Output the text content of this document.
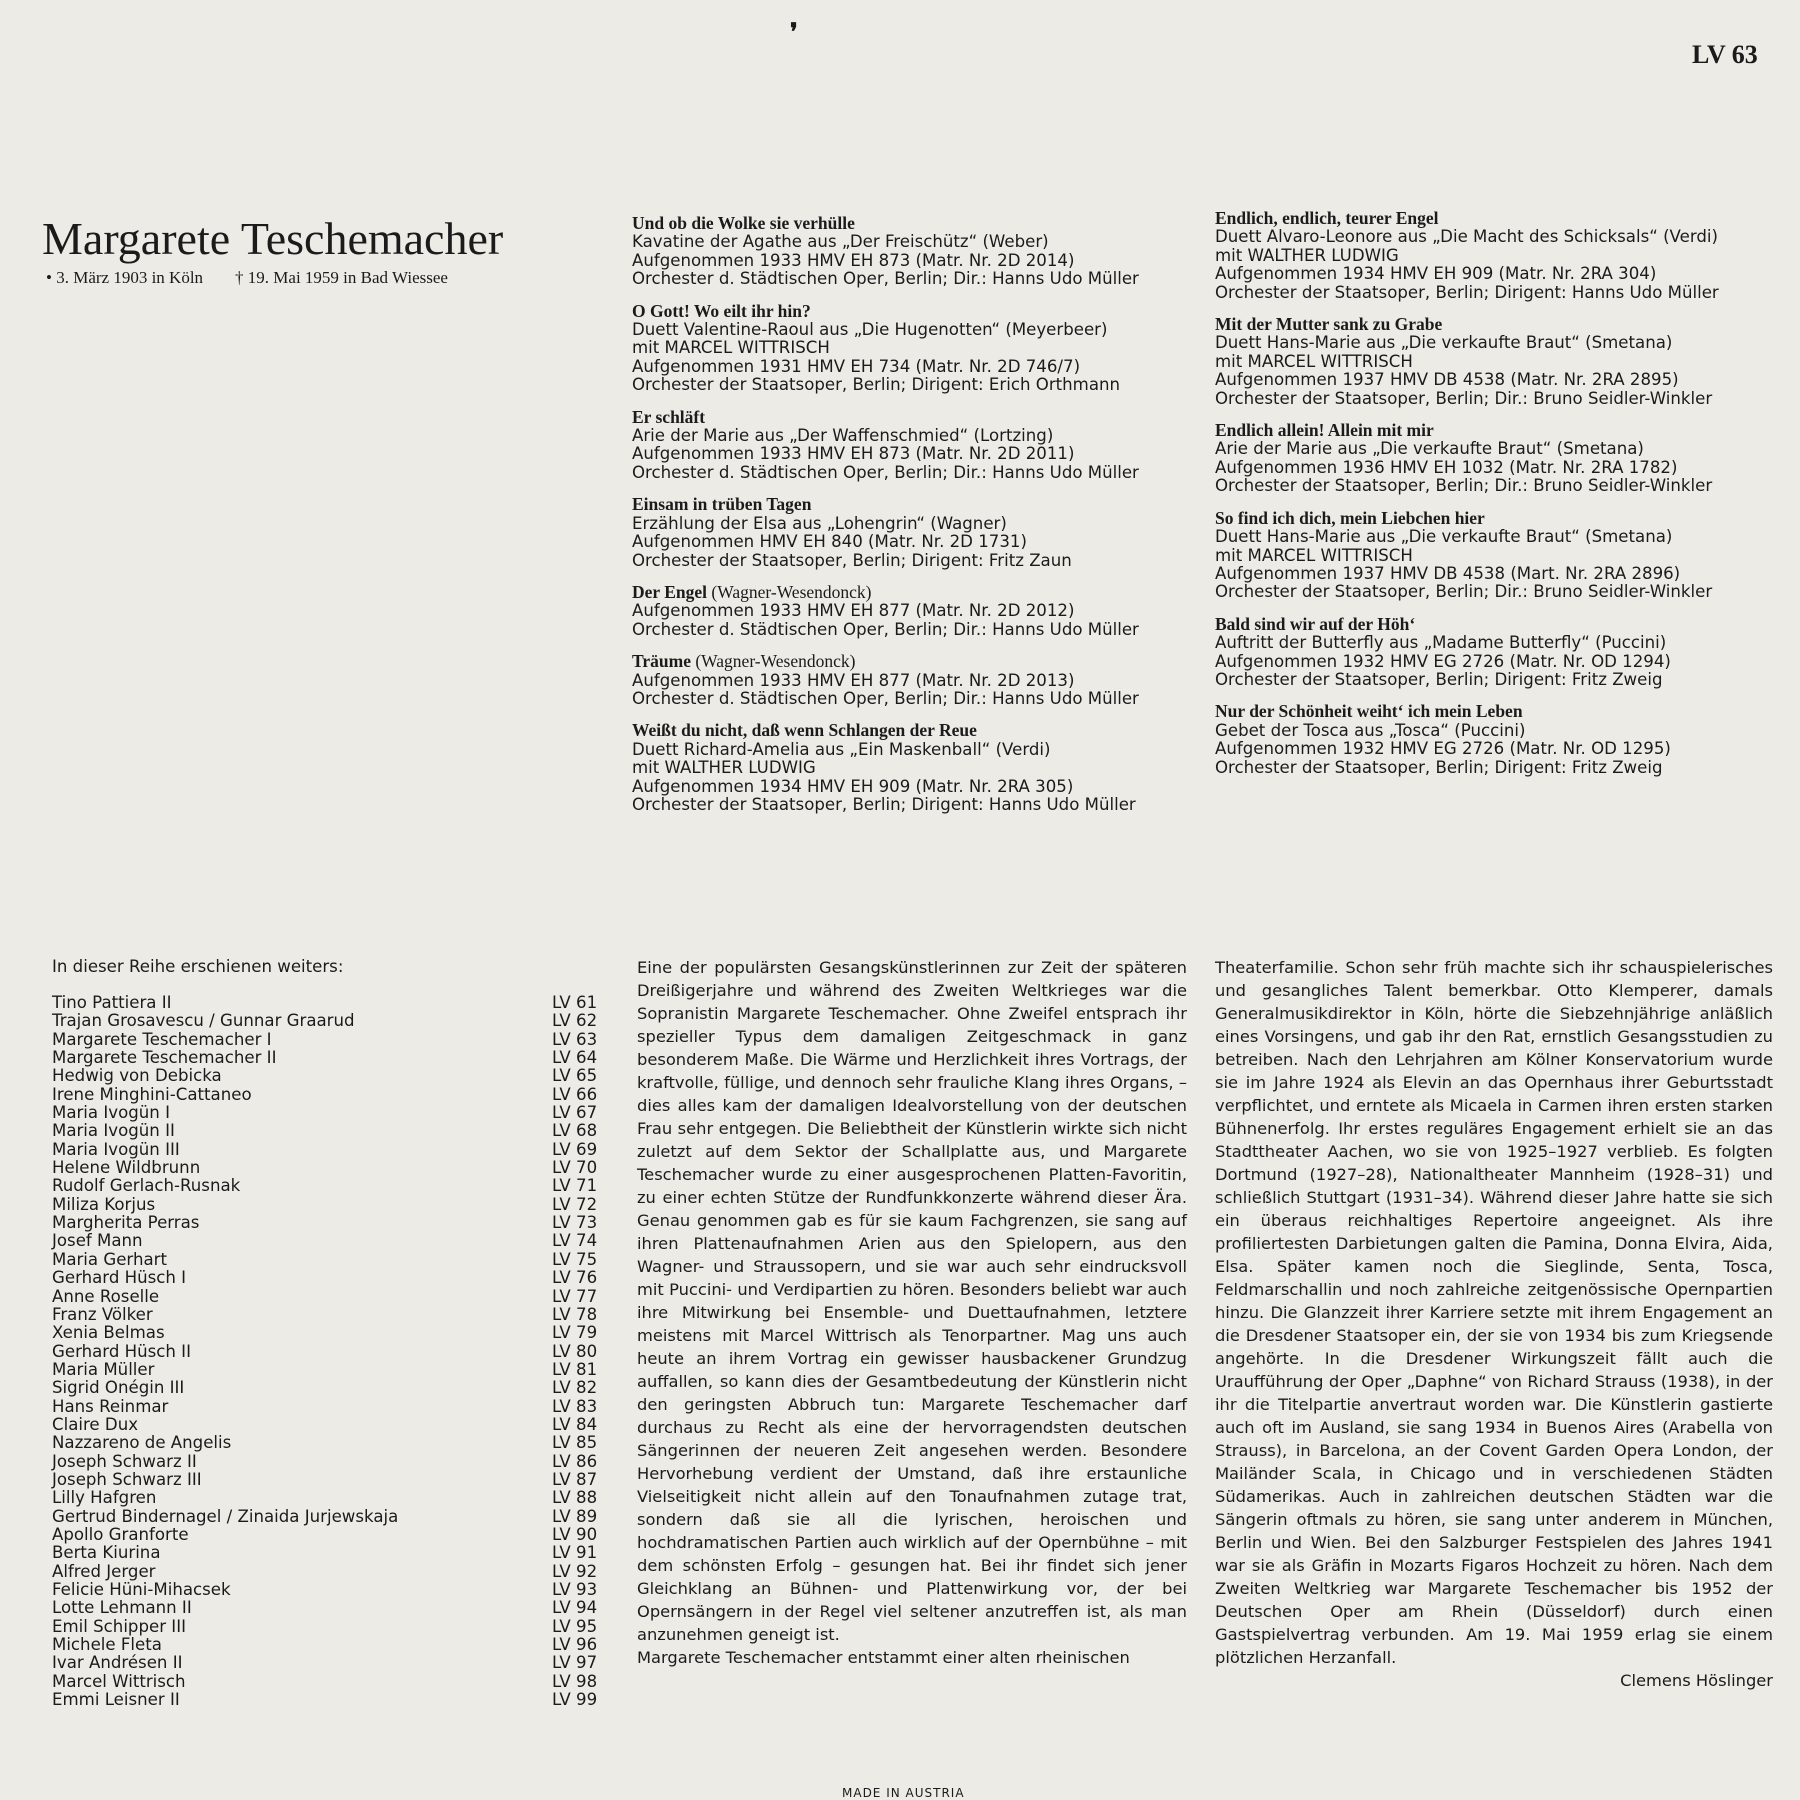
❜
LV 63
Margarete Teschemacher
• 3. März 1903 in Köln † 19. Mai 1959 in Bad Wiessee
Und ob die Wolke sie verhülle
Kavatine der Agathe aus „Der Freischütz“ (Weber)
Aufgenommen 1933 HMV EH 873 (Matr. Nr. 2D 2014)
Orchester d. Städtischen Oper, Berlin; Dir.: Hanns Udo Müller
O Gott! Wo eilt ihr hin?
Duett Valentine-Raoul aus „Die Hugenotten“ (Meyerbeer)
mit MARCEL WITTRISCH
Aufgenommen 1931 HMV EH 734 (Matr. Nr. 2D 746/7)
Orchester der Staatsoper, Berlin; Dirigent: Erich Orthmann
Er schläft
Arie der Marie aus „Der Waffenschmied“ (Lortzing)
Aufgenommen 1933 HMV EH 873 (Matr. Nr. 2D 2011)
Orchester d. Städtischen Oper, Berlin; Dir.: Hanns Udo Müller
Einsam in trüben Tagen
Erzählung der Elsa aus „Lohengrin“ (Wagner)
Aufgenommen HMV EH 840 (Matr. Nr. 2D 1731)
Orchester der Staatsoper, Berlin; Dirigent: Fritz Zaun
Der Engel (Wagner-Wesendonck)
Aufgenommen 1933 HMV EH 877 (Matr. Nr. 2D 2012)
Orchester d. Städtischen Oper, Berlin; Dir.: Hanns Udo Müller
Träume (Wagner-Wesendonck)
Aufgenommen 1933 HMV EH 877 (Matr. Nr. 2D 2013)
Orchester d. Städtischen Oper, Berlin; Dir.: Hanns Udo Müller
Weißt du nicht, daß wenn Schlangen der Reue
Duett Richard-Amelia aus „Ein Maskenball“ (Verdi)
mit WALTHER LUDWIG
Aufgenommen 1934 HMV EH 909 (Matr. Nr. 2RA 305)
Orchester der Staatsoper, Berlin; Dirigent: Hanns Udo Müller
Endlich, endlich, teurer Engel
Duett Alvaro-Leonore aus „Die Macht des Schicksals“ (Verdi)
mit WALTHER LUDWIG
Aufgenommen 1934 HMV EH 909 (Matr. Nr. 2RA 304)
Orchester der Staatsoper, Berlin; Dirigent: Hanns Udo Müller
Mit der Mutter sank zu Grabe
Duett Hans-Marie aus „Die verkaufte Braut“ (Smetana)
mit MARCEL WITTRISCH
Aufgenommen 1937 HMV DB 4538 (Matr. Nr. 2RA 2895)
Orchester der Staatsoper, Berlin; Dir.: Bruno Seidler-Winkler
Endlich allein! Allein mit mir
Arie der Marie aus „Die verkaufte Braut“ (Smetana)
Aufgenommen 1936 HMV EH 1032 (Matr. Nr. 2RA 1782)
Orchester der Staatsoper, Berlin; Dir.: Bruno Seidler-Winkler
So find ich dich, mein Liebchen hier
Duett Hans-Marie aus „Die verkaufte Braut“ (Smetana)
mit MARCEL WITTRISCH
Aufgenommen 1937 HMV DB 4538 (Mart. Nr. 2RA 2896)
Orchester der Staatsoper, Berlin; Dir.: Bruno Seidler-Winkler
Bald sind wir auf der Höh‘
Auftritt der Butterfly aus „Madame Butterfly“ (Puccini)
Aufgenommen 1932 HMV EG 2726 (Matr. Nr. OD 1294)
Orchester der Staatsoper, Berlin; Dirigent: Fritz Zweig
Nur der Schönheit weiht‘ ich mein Leben
Gebet der Tosca aus „Tosca“ (Puccini)
Aufgenommen 1932 HMV EG 2726 (Matr. Nr. OD 1295)
Orchester der Staatsoper, Berlin; Dirigent: Fritz Zweig
In dieser Reihe erschienen weiters:
Tino Pattiera II	LV 61
Trajan Grosavescu / Gunnar Graarud	LV 62
Margarete Teschemacher I	LV 63
Margarete Teschemacher II	LV 64
Hedwig von Debicka	LV 65
Irene Minghini-Cattaneo	LV 66
Maria Ivogün I	LV 67
Maria Ivogün II	LV 68
Maria Ivogün III	LV 69
Helene Wildbrunn	LV 70
Rudolf Gerlach-Rusnak	LV 71
Miliza Korjus	LV 72
Margherita Perras	LV 73
Josef Mann	LV 74
Maria Gerhart	LV 75
Gerhard Hüsch I	LV 76
Anne Roselle	LV 77
Franz Völker	LV 78
Xenia Belmas	LV 79
Gerhard Hüsch II	LV 80
Maria Müller	LV 81
Sigrid Onégin III	LV 82
Hans Reinmar	LV 83
Claire Dux	LV 84
Nazzareno de Angelis	LV 85
Joseph Schwarz II	LV 86
Joseph Schwarz III	LV 87
Lilly Hafgren	LV 88
Gertrud Bindernagel / Zinaida Jurjewskaja	LV 89
Apollo Granforte	LV 90
Berta Kiurina	LV 91
Alfred Jerger	LV 92
Felicie Hüni-Mihacsek	LV 93
Lotte Lehmann II	LV 94
Emil Schipper III	LV 95
Michele Fleta	LV 96
Ivar Andrésen II	LV 97
Marcel Wittrisch	LV 98
Emmi Leisner II	LV 99

Eine der populärsten Gesangskünstlerinnen zur Zeit der späteren Dreißigerjahre und während des Zweiten Weltkrieges war die Sopranistin Margarete Teschemacher. Ohne Zweifel entsprach ihr spezieller Typus dem damaligen Zeitgeschmack in ganz besonderem Maße. Die Wärme und Herzlichkeit ihres Vortrags, der kraftvolle, füllige, und dennoch sehr frauliche Klang ihres Organs, – dies alles kam der damaligen Idealvorstellung von der deutschen Frau sehr entgegen. Die Beliebtheit der Künstlerin wirkte sich nicht zuletzt auf dem Sektor der Schallplatte aus, und Margarete Teschemacher wurde zu einer ausgesprochenen Platten-Favoritin, zu einer echten Stütze der Rundfunkkonzerte während dieser Ära. Genau genommen gab es für sie kaum Fachgrenzen, sie sang auf ihren Plattenaufnahmen Arien aus den Spielopern, aus den Wagner- und Straussopern, und sie war auch sehr eindrucksvoll mit Puccini- und Verdipartien zu hören. Besonders beliebt war auch ihre Mitwirkung bei Ensemble- und Duettaufnahmen, letztere meistens mit Marcel Wittrisch als Tenorpartner. Mag uns auch heute an ihrem Vortrag ein gewisser hausbackener Grundzug auffallen, so kann dies der Gesamtbedeutung der Künstlerin nicht den geringsten Abbruch tun: Margarete Teschemacher darf durchaus zu Recht als eine der hervorragendsten deutschen Sängerinnen der neueren Zeit angesehen werden. Besondere Hervorhebung verdient der Umstand, daß ihre erstaunliche Vielseitigkeit nicht allein auf den Tonaufnahmen zutage trat, sondern daß sie all die lyrischen, heroischen und hochdramatischen Partien auch wirklich auf der Opernbühne – mit dem schönsten Erfolg – gesungen hat. Bei ihr findet sich jener Gleichklang an Bühnen- und Plattenwirkung vor, der bei Opernsängern in der Regel viel seltener anzutreffen ist, als man anzunehmen geneigt ist.

Margarete Teschemacher entstammt einer alten rheinischen

Theaterfamilie. Schon sehr früh machte sich ihr schauspielerisches und gesangliches Talent bemerkbar. Otto Klemperer, damals Generalmusikdirektor in Köln, hörte die Siebzehnjährige anläßlich eines Vorsingens, und gab ihr den Rat, ernstlich Gesangsstudien zu betreiben. Nach den Lehrjahren am Kölner Konservatorium wurde sie im Jahre 1924 als Elevin an das Opernhaus ihrer Geburtsstadt verpflichtet, und erntete als Micaela in Carmen ihren ersten starken Bühnenerfolg. Ihr erstes reguläres Engagement erhielt sie an das Stadttheater Aachen, wo sie von 1925–1927 verblieb. Es folgten Dortmund (1927–28), Nationaltheater Mannheim (1928–31) und schließlich Stuttgart (1931–34). Während dieser Jahre hatte sie sich ein überaus reichhaltiges Repertoire angeeignet. Als ihre profiliertesten Darbietungen galten die Pamina, Donna Elvira, Aida, Elsa. Später kamen noch die Sieglinde, Senta, Tosca, Feldmarschallin und noch zahlreiche zeitgenössische Opernpartien hinzu. Die Glanzzeit ihrer Karriere setzte mit ihrem Engagement an die Dresdener Staatsoper ein, der sie von 1934 bis zum Kriegsende angehörte. In die Dresdener Wirkungszeit fällt auch die Uraufführung der Oper „Daphne“ von Richard Strauss (1938), in der ihr die Titelpartie anvertraut worden war. Die Künstlerin gastierte auch oft im Ausland, sie sang 1934 in Buenos Aires (Arabella von Strauss), in Barcelona, an der Covent Garden Opera London, der Mailänder Scala, in Chicago und in verschiedenen Städten Südamerikas. Auch in zahlreichen deutschen Städten war die Sängerin oftmals zu hören, sie sang unter anderem in München, Berlin und Wien. Bei den Salzburger Festspielen des Jahres 1941 war sie als Gräfin in Mozarts Figaros Hochzeit zu hören. Nach dem Zweiten Weltkrieg war Margarete Teschemacher bis 1952 der Deutschen Oper am Rhein (Düsseldorf) durch einen Gastspielvertrag verbunden. Am 19. Mai 1959 erlag sie einem plötzlichen Herzanfall.

Clemens Höslinger

MADE IN AUSTRIA
